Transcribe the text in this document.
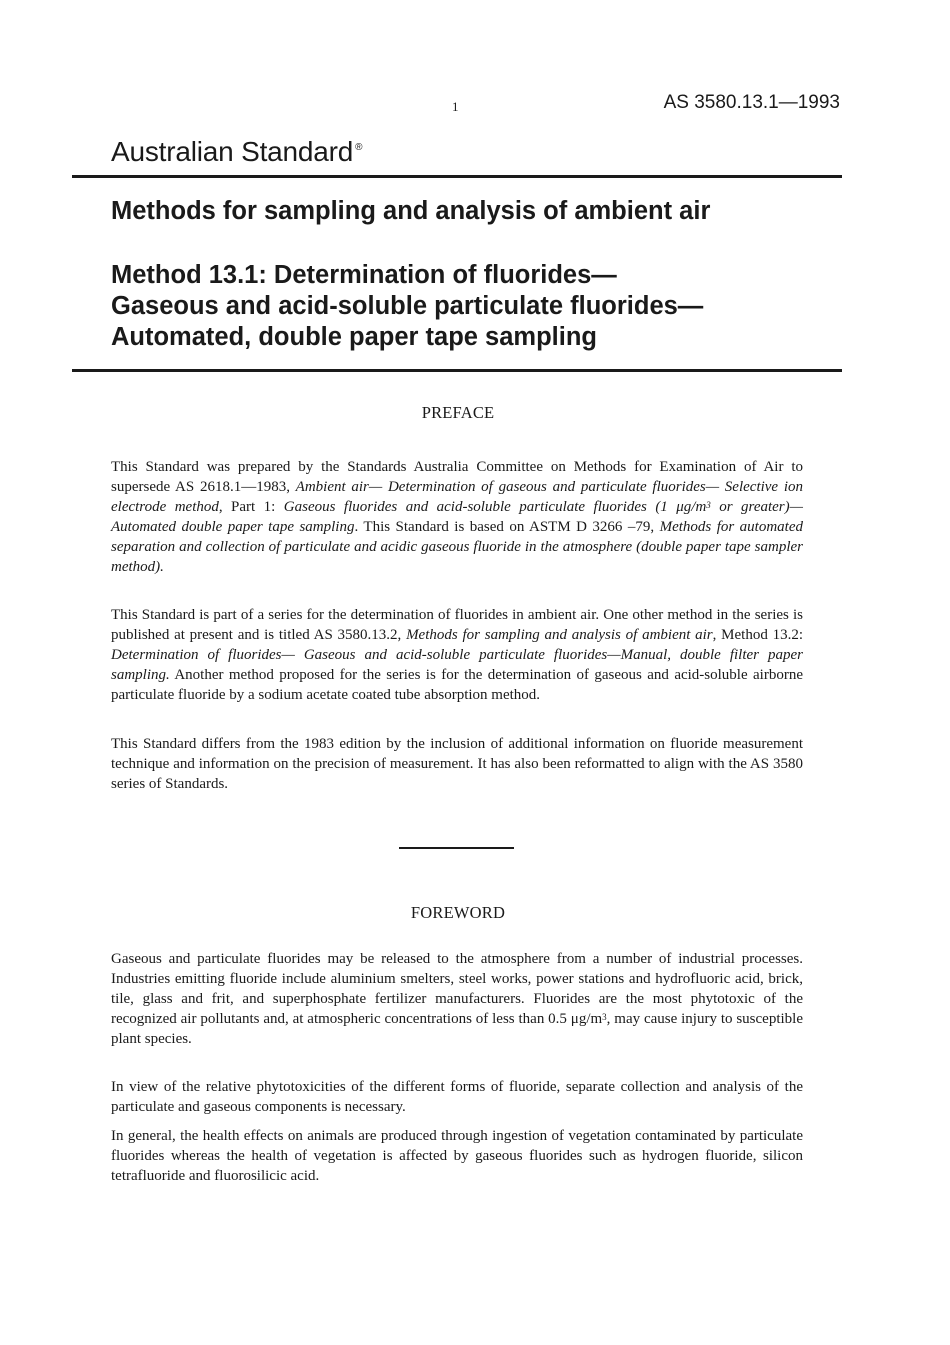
1	AS 3580.13.1—1993
Australian Standard ®
Methods for sampling and analysis of ambient air
Method 13.1: Determination of fluorides—
Gaseous and acid-soluble particulate fluorides—
Automated, double paper tape sampling
PREFACE
This Standard was prepared by the Standards Australia Committee on Methods for Examination of Air to supersede AS 2618.1—1983, Ambient air— Determination of gaseous and particulate fluorides— Selective ion electrode method, Part 1: Gaseous fluorides and acid-soluble particulate fluorides (1 $\mu g/m^3$ or greater)—Automated double paper tape sampling. This Standard is based on ASTM D 3266 –79, Methods for automated separation and collection of particulate and acidic gaseous fluoride in the atmosphere (double paper tape sampler method).
This Standard is part of a series for the determination of fluorides in ambient air. One other method in the series is published at present and is titled AS 3580.13.2, Methods for sampling and analysis of ambient air, Method 13.2: Determination of fluorides— Gaseous and acid-soluble particulate fluorides—Manual, double filter paper sampling. Another method proposed for the series is for the determination of gaseous and acid-soluble airborne particulate fluoride by a sodium acetate coated tube absorption method.
This Standard differs from the 1983 edition by the inclusion of additional information on fluoride measurement technique and information on the precision of measurement. It has also been reformatted to align with the AS 3580 series of Standards.
FOREWORD
Gaseous and particulate fluorides may be released to the atmosphere from a number of industrial processes. Industries emitting fluoride include aluminium smelters, steel works, power stations and hydrofluoric acid, brick, tile, glass and frit, and superphosphate fertilizer manufacturers. Fluorides are the most phytotoxic of the recognized air pollutants and, at atmospheric concentrations of less than 0.5 $\mu g/m^3$, may cause injury to susceptible plant species.
In view of the relative phytotoxicities of the different forms of fluoride, separate collection and analysis of the particulate and gaseous components is necessary.
In general, the health effects on animals are produced through ingestion of vegetation contaminated by particulate fluorides whereas the health of vegetation is affected by gaseous fluorides such as hydrogen fluoride, silicon tetrafluoride and fluorosilicic acid.
